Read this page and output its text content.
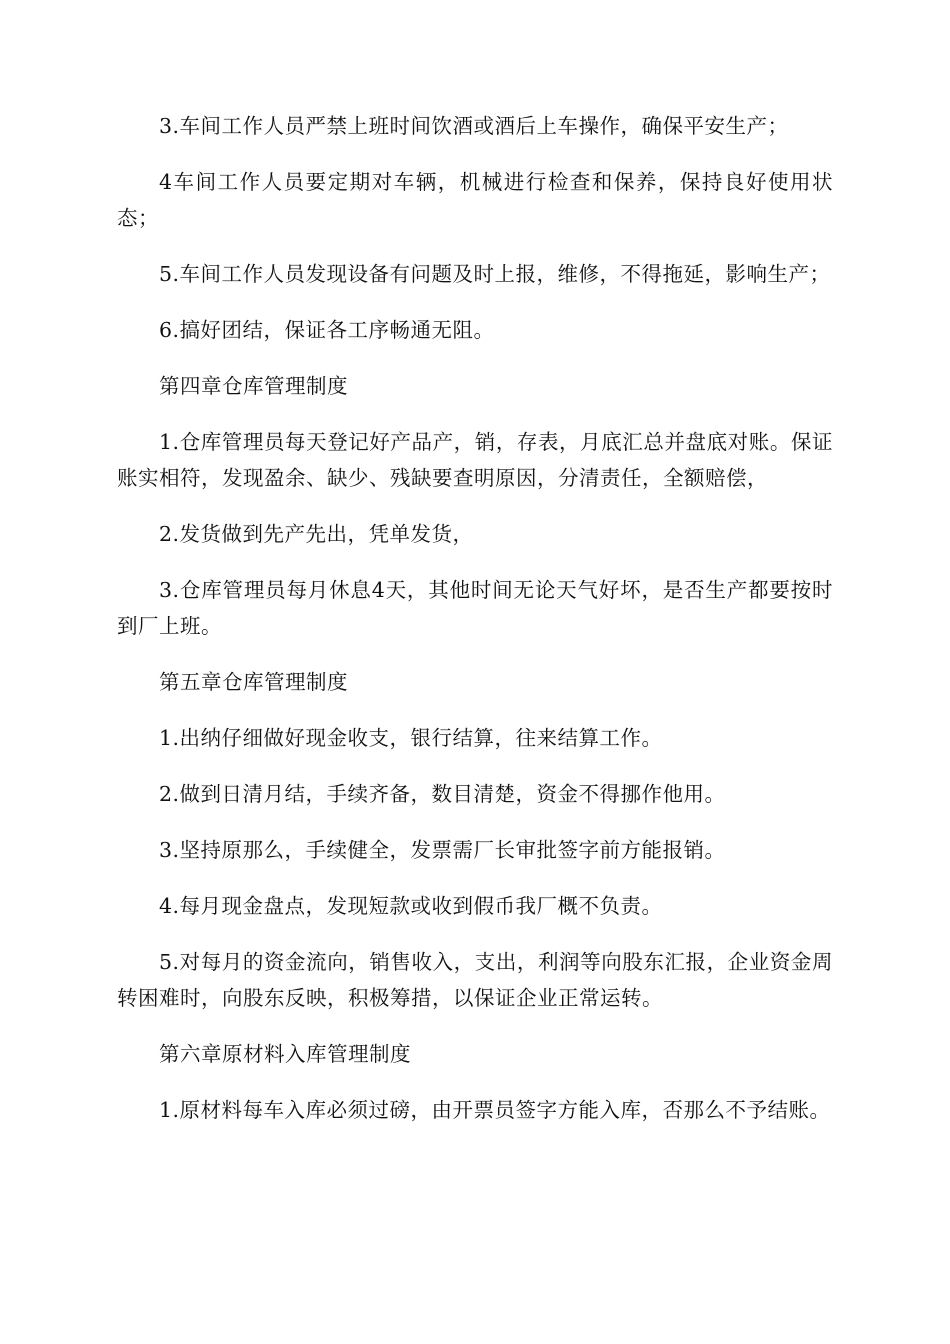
3.车间工作人员严禁上班时间饮酒或酒后上车操作，确保平安生产；

4车间工作人员要定期对车辆，机械进行检查和保养，保持良好使用状态；

5.车间工作人员发现设备有问题及时上报，维修，不得拖延，影响生产；

6.搞好团结，保证各工序畅通无阻。

第四章仓库管理制度

1.仓库管理员每天登记好产品产，销，存表，月底汇总并盘底对账。保证账实相符，发现盈余、缺少、残缺要查明原因，分清责任，全额赔偿，

2.发货做到先产先出，凭单发货，

3.仓库管理员每月休息4天，其他时间无论天气好坏，是否生产都要按时到厂上班。

第五章仓库管理制度

1.出纳仔细做好现金收支，银行结算，往来结算工作。

2.做到日清月结，手续齐备，数目清楚，资金不得挪作他用。

3.坚持原那么，手续健全，发票需厂长审批签字前方能报销。

4.每月现金盘点，发现短款或收到假币我厂概不负责。

5.对每月的资金流向，销售收入，支出，利润等向股东汇报，企业资金周转困难时，向股东反映，积极筹措，以保证企业正常运转。

第六章原材料入库管理制度

1.原材料每车入库必须过磅，由开票员签字方能入库，否那么不予结账。
